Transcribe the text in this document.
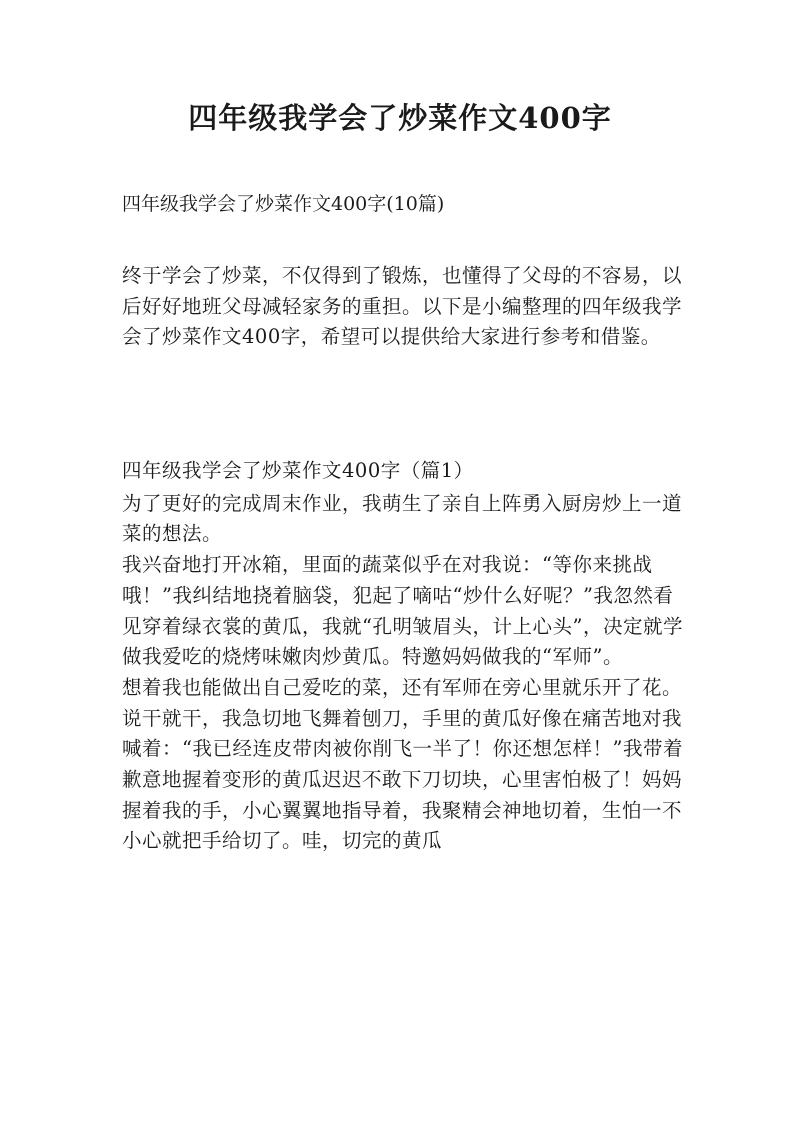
四年级我学会了炒菜作文400字
四年级我学会了炒菜作文400字(10篇)

终于学会了炒菜，不仅得到了锻炼，也懂得了父母的不容易，以后好好地班父母减轻家务的重担。以下是小编整理的四年级我学会了炒菜作文400字，希望可以提供给大家进行参考和借鉴。

四年级我学会了炒菜作文400字（篇1）

为了更好的完成周末作业，我萌生了亲自上阵勇入厨房炒上一道菜的想法。

我兴奋地打开冰箱，里面的蔬菜似乎在对我说：“等你来挑战哦！”我纠结地挠着脑袋，犯起了嘀咕“炒什么好呢？”我忽然看见穿着绿衣裳的黄瓜，我就“孔明皱眉头，计上心头”，决定就学做我爱吃的烧烤味嫩肉炒黄瓜。特邀妈妈做我的“军师”。

想着我也能做出自己爱吃的菜，还有军师在旁心里就乐开了花。

说干就干，我急切地飞舞着刨刀，手里的黄瓜好像在痛苦地对我喊着：“我已经连皮带肉被你削飞一半了！你还想怎样！”我带着歉意地握着变形的黄瓜迟迟不敢下刀切块，心里害怕极了！妈妈握着我的手，小心翼翼地指导着，我聚精会神地切着，生怕一不小心就把手给切了。哇，切完的黄瓜
